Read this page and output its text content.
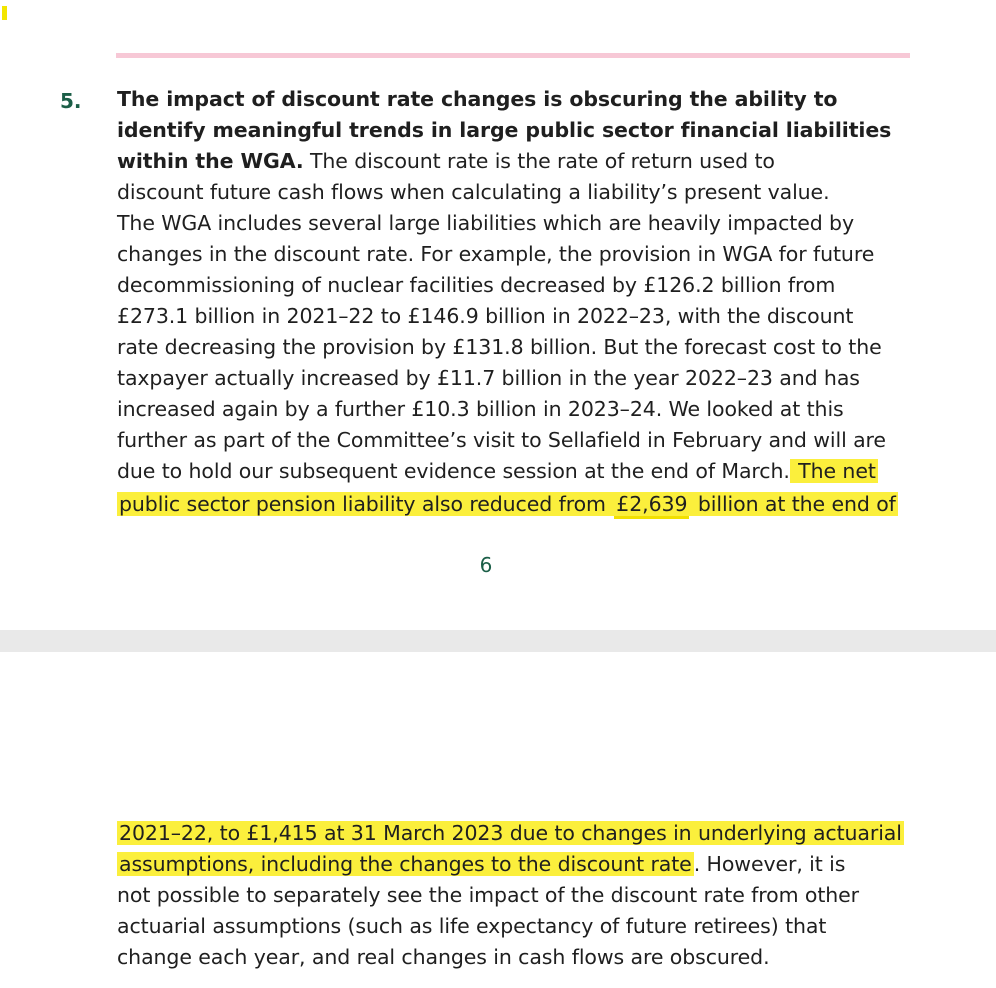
5. The impact of discount rate changes is obscuring the ability to
identify meaningful trends in large public sector financial liabilities
within the WGA. The discount rate is the rate of return used to
discount future cash flows when calculating a liability’s present value.
The WGA includes several large liabilities which are heavily impacted by
changes in the discount rate. For example, the provision in WGA for future
decommissioning of nuclear facilities decreased by £126.2 billion from
£273.1 billion in 2021–22 to £146.9 billion in 2022–23, with the discount
rate decreasing the provision by £131.8 billion. But the forecast cost to the
taxpayer actually increased by £11.7 billion in the year 2022–23 and has
increased again by a further £10.3 billion in 2023–24. We looked at this
further as part of the Committee’s visit to Sellafield in February and will are
due to hold our subsequent evidence session at the end of March. The net
public sector pension liability also reduced from £2,639 billion at the end of
6
2021–22, to £1,415 at 31 March 2023 due to changes in underlying actuarial
assumptions, including the changes to the discount rate. However, it is
not possible to separately see the impact of the discount rate from other
actuarial assumptions (such as life expectancy of future retirees) that
change each year, and real changes in cash flows are obscured.
